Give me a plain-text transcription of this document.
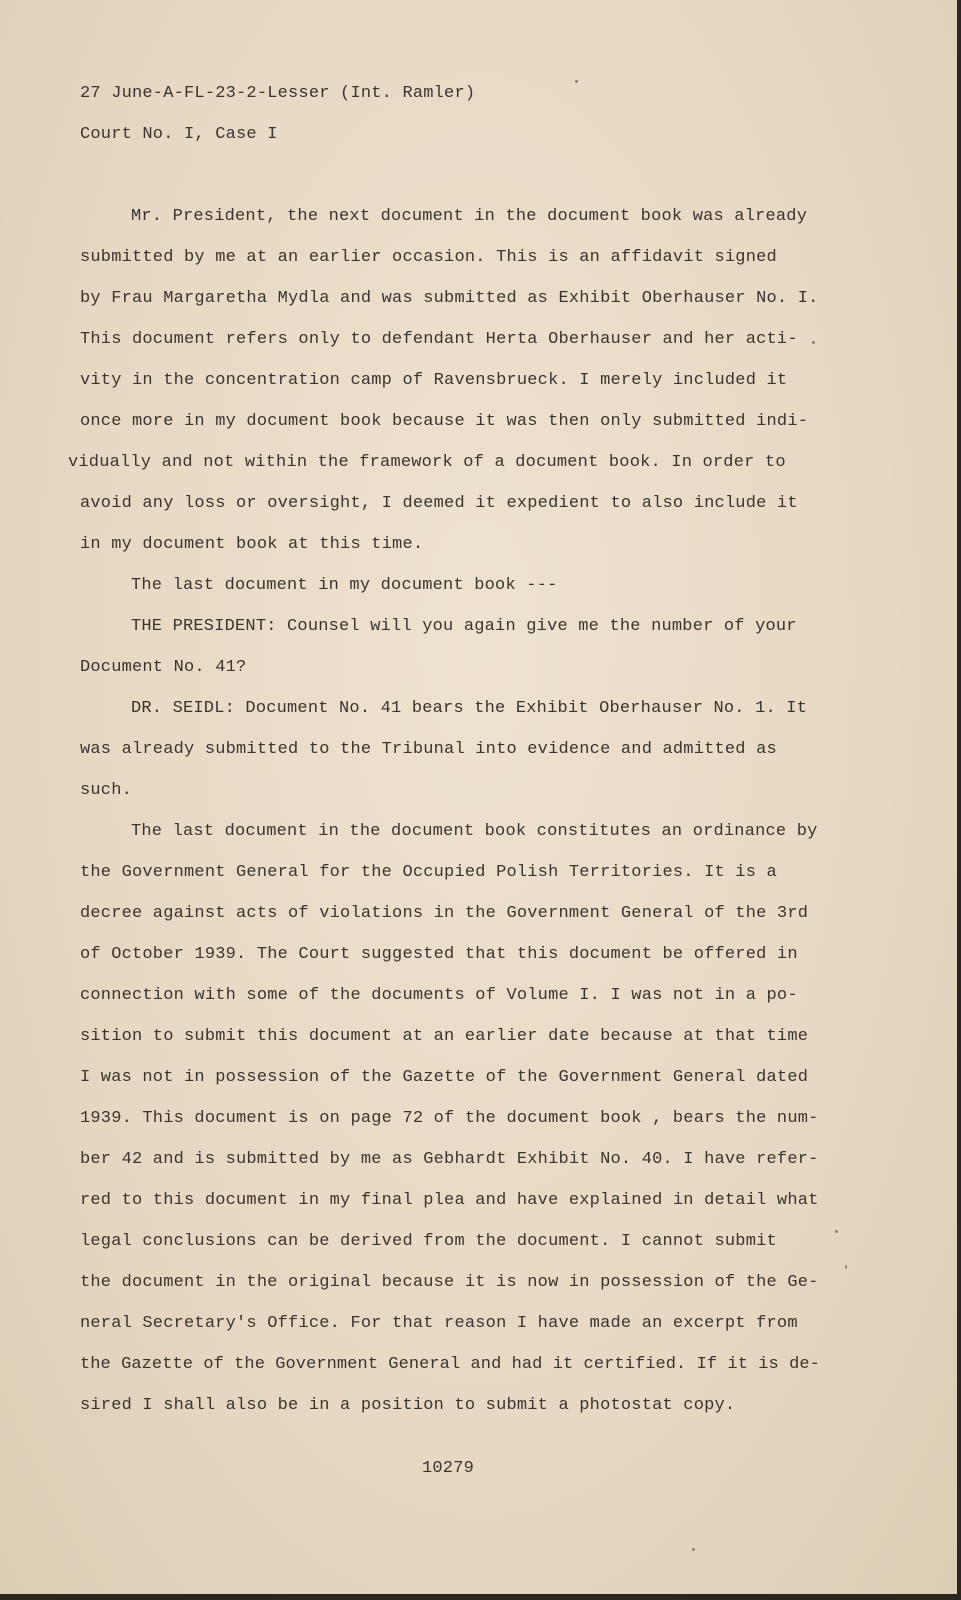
27 June-A-FL-23-2-Lesser (Int. Ramler)
Court No. I, Case I
Mr. President, the next document in the document book was already
submitted by me at an earlier occasion. This is an affidavit signed
by Frau Margaretha Mydla and was submitted as Exhibit Oberhauser No. I.
This document refers only to defendant Herta Oberhauser and her acti-
vity in the concentration camp of Ravensbrueck. I merely included it
once more in my document book because it was then only submitted indi-
vidually and not within the framework of a document book. In order to
avoid any loss or oversight, I deemed it expedient to also include it
in my document book at this time.
The last document in my document book ---
THE PRESIDENT: Counsel will you again give me the number of your
Document No. 41?
DR. SEIDL: Document No. 41 bears the Exhibit Oberhauser No. 1. It
was already submitted to the Tribunal into evidence and admitted as
such.
The last document in the document book constitutes an ordinance by
the Government General for the Occupied Polish Territories. It is a
decree against acts of violations in the Government General of the 3rd
of October 1939. The Court suggested that this document be offered in
connection with some of the documents of Volume I. I was not in a po-
sition to submit this document at an earlier date because at that time
I was not in possession of the Gazette of the Government General dated
1939. This document is on page 72 of the document book , bears the num-
ber 42 and is submitted by me as Gebhardt Exhibit No. 40. I have refer-
red to this document in my final plea and have explained in detail what
legal conclusions can be derived from the document. I cannot submit
the document in the original because it is now in possession of the Ge-
neral Secretary's Office. For that reason I have made an excerpt from
the Gazette of the Government General and had it certified. If it is de-
sired I shall also be in a position to submit a photostat copy.
10279
